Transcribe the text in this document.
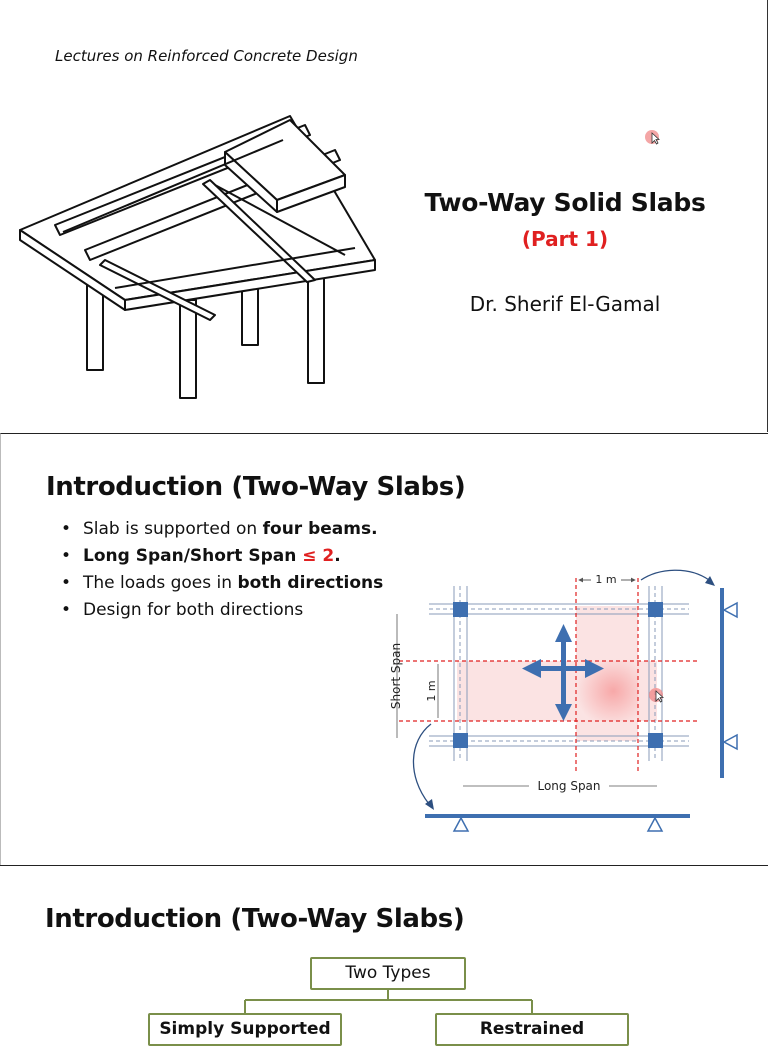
Lectures on Reinforced Concrete Design
Two-Way Solid Slabs
(Part 1)
Dr. Sherif El-Gamal
Introduction (Two-Way Slabs)
• Slab is supported on four beams.
• Long Span/Short Span ≤ 2.
• The loads goes in both directions
• Design for both directions
1 m
1 m
Short Span
Long Span
Introduction (Two-Way Slabs)
Two Types
Simply Supported	Restrained
